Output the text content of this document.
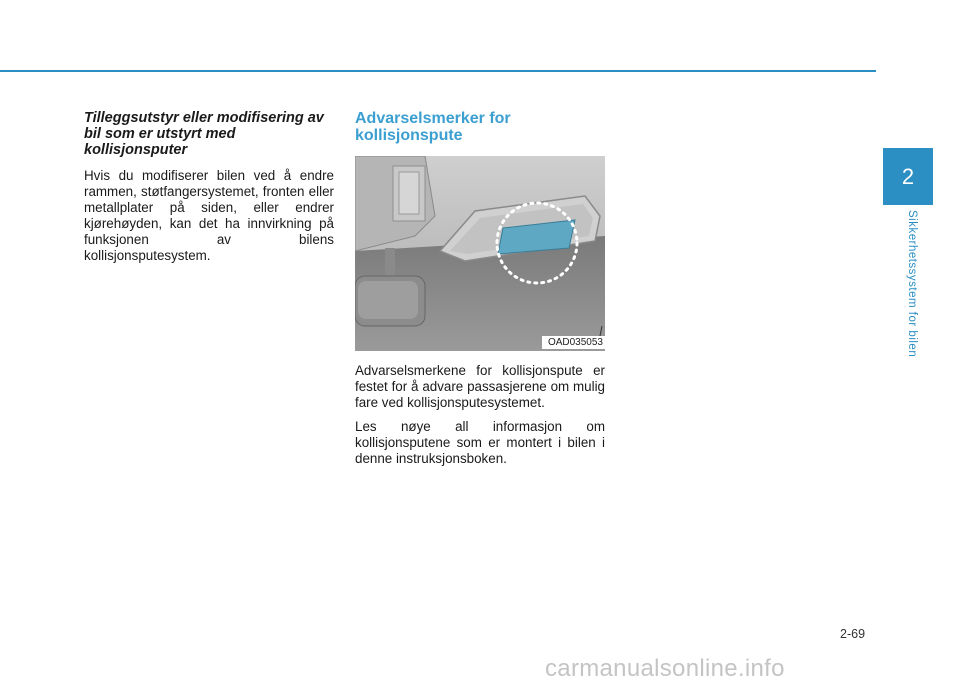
Tilleggsutstyr eller modifisering av bil som er utstyrt med kollisjonsputer

Hvis du modifiserer bilen ved å endre rammen, støtfangersystemet, fronten eller metallplater på siden, eller endrer kjørehøyden, kan det ha innvirkning på funksjonen av bilens kollisjonsputesystem.

Advarselsmerker for kollisjonspute
OAD035053

Advarselsmerkene for kollisjonspute er festet for å advare passasjerene om mulig fare ved kollisjonsputesystemet.

Les nøye all informasjon om kollisjonsputene som er montert i bilen i denne instruksjonsboken.

2
Sikkerhetssystem for bilen
2-69
carmanualsonline.info
